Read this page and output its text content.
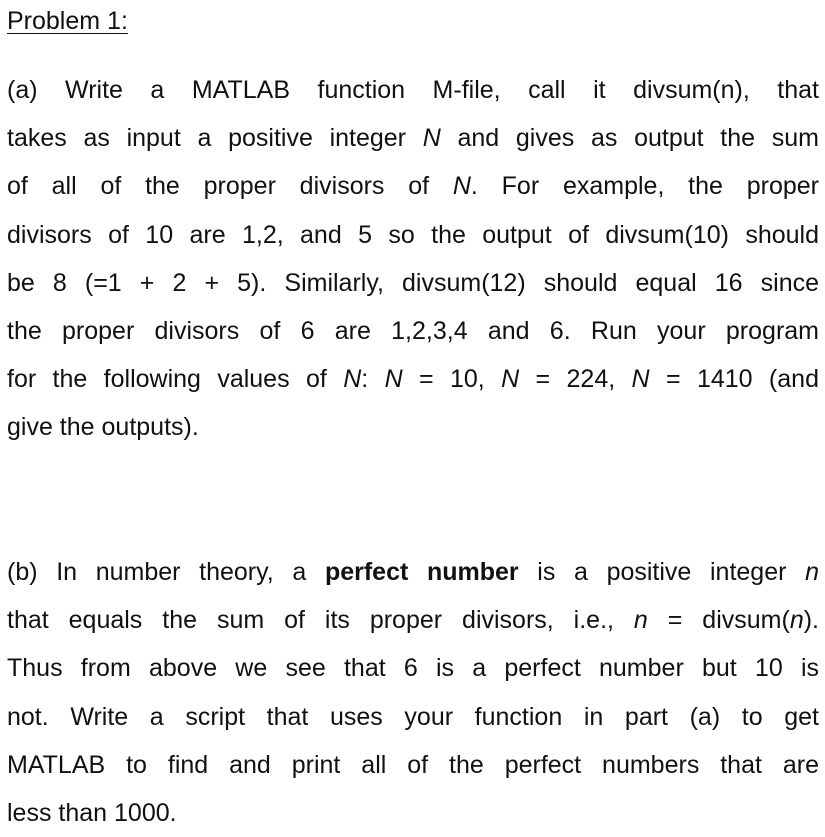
Problem 1:
(a) Write a MATLAB function M-file, call it divsum(n), that
takes as input a positive integer N and gives as output the sum
of all of the proper divisors of N. For example, the proper
divisors of 10 are 1,2, and 5 so the output of divsum(10) should
be 8 (=1 + 2 + 5). Similarly, divsum(12) should equal 16 since
the proper divisors of 6 are 1,2,3,4 and 6. Run your program
for the following values of N: N = 10, N = 224, N = 1410 (and
give the outputs).
(b) In number theory, a perfect number is a positive integer n
that equals the sum of its proper divisors, i.e., n = divsum(n).
Thus from above we see that 6 is a perfect number but 10 is
not. Write a script that uses your function in part (a) to get
MATLAB to find and print all of the perfect numbers that are
less than 1000.
